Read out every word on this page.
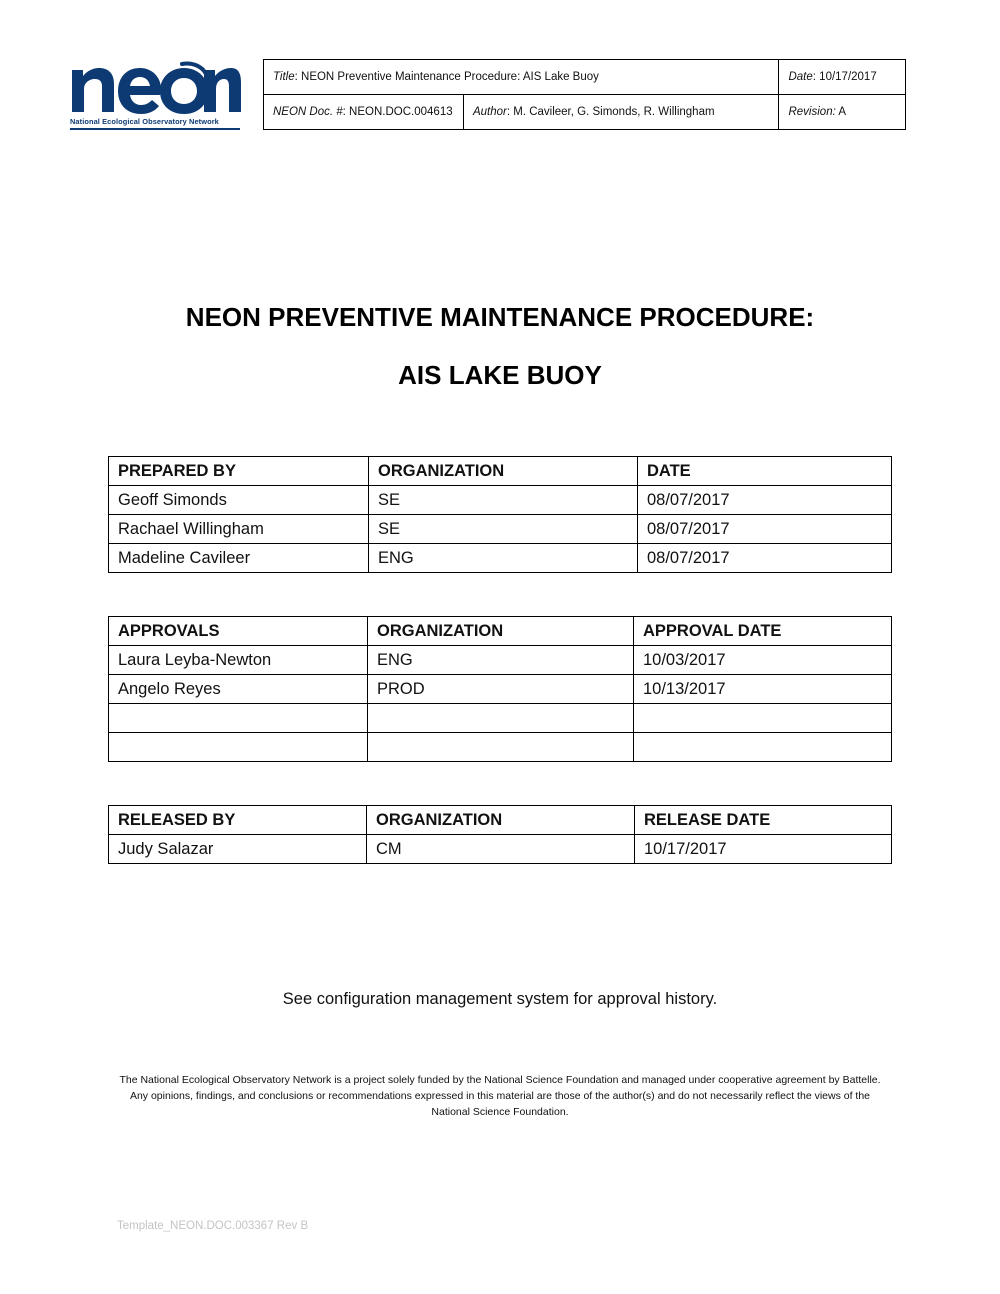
National Ecological Observatory Network
Title: NEON Preventive Maintenance Procedure: AIS Lake Buoy		Date: 10/17/2017
NEON Doc. #: NEON.DOC.004613	Author: M. Cavileer, G. Simonds, R. Willingham	Revision: A
NEON PREVENTIVE MAINTENANCE PROCEDURE:
AIS LAKE BUOY
PREPARED BY	ORGANIZATION	DATE
Geoff Simonds	SE	08/07/2017
Rachael Willingham	SE	08/07/2017
Madeline Cavileer	ENG	08/07/2017
APPROVALS	ORGANIZATION	APPROVAL DATE
Laura Leyba-Newton	ENG	10/03/2017
Angelo Reyes	PROD	10/13/2017

RELEASED BY	ORGANIZATION	RELEASE DATE
Judy Salazar	CM	10/17/2017
See configuration management system for approval history.
The National Ecological Observatory Network is a project solely funded by the National Science Foundation and managed under cooperative agreement by Battelle.
Any opinions, findings, and conclusions or recommendations expressed in this material are those of the author(s) and do not necessarily reflect the views of the
National Science Foundation.
Template_NEON.DOC.003367 Rev B
